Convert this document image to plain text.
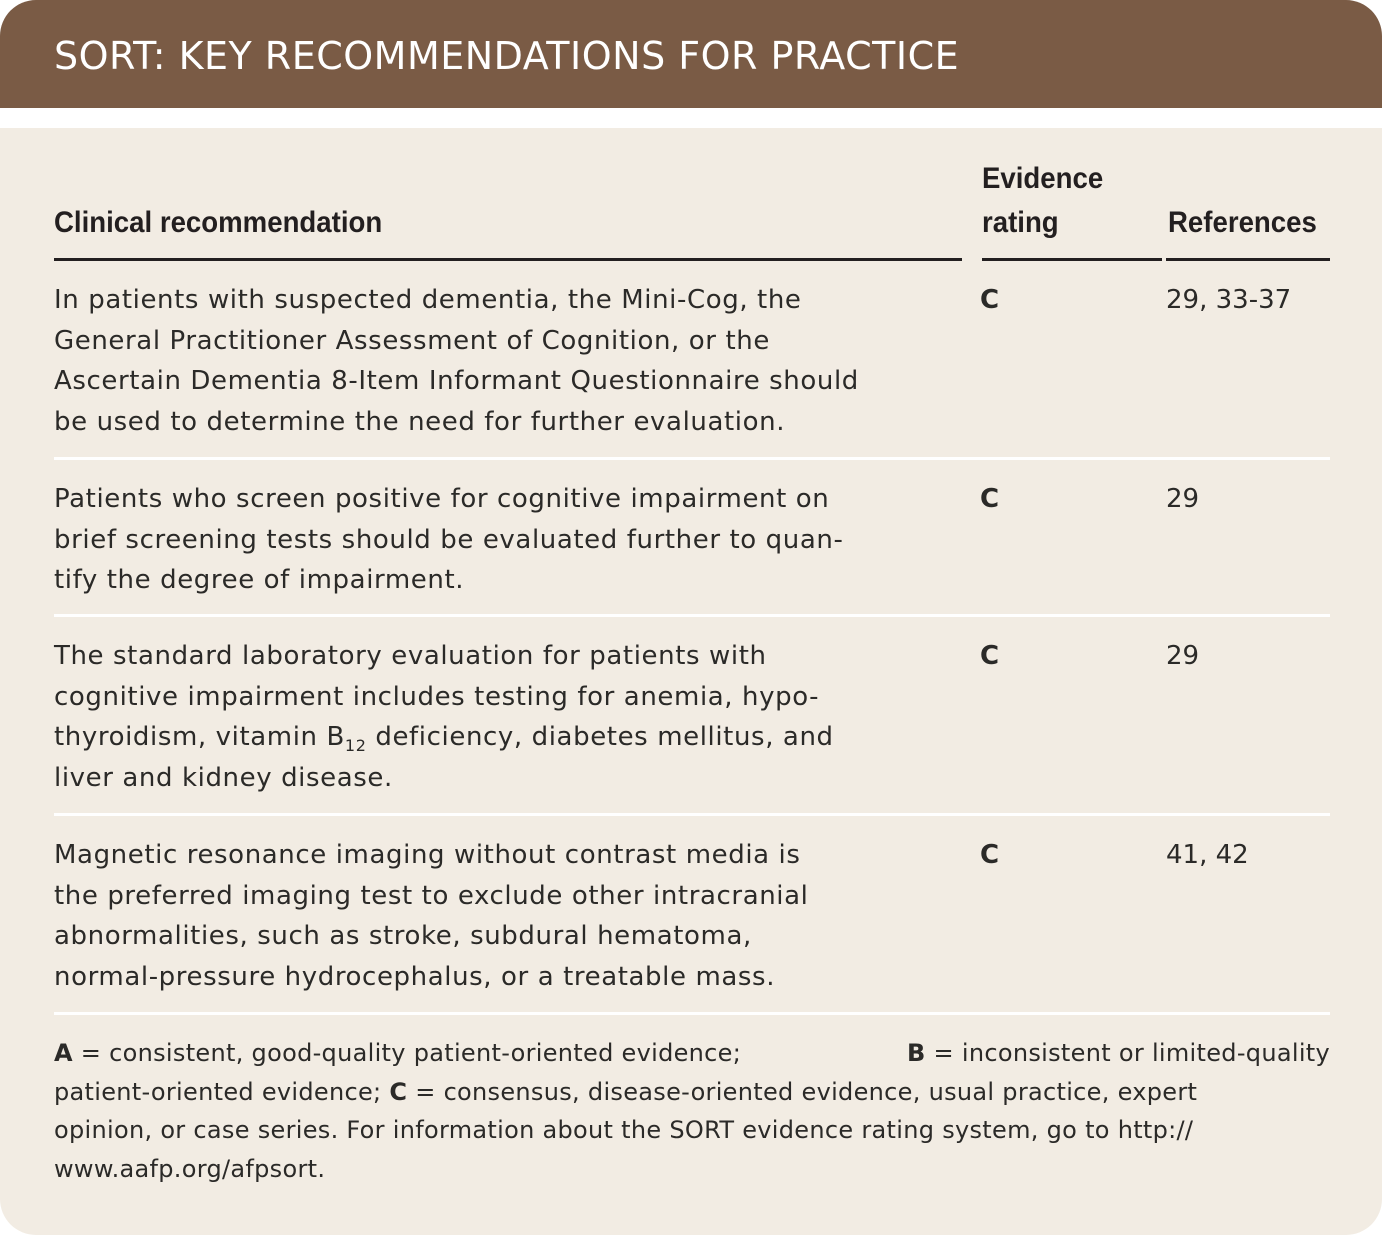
SORT: KEY RECOMMENDATIONS FOR PRACTICE
Clinical recommendation
Evidence
rating	References
In patients with suspected dementia, the Mini-Cog, the
General Practitioner Assessment of Cognition, or the
Ascertain Dementia 8-Item Informant Questionnaire should
be used to determine the need for further evaluation.
C	29, 33-37
Patients who screen positive for cognitive impairment on
brief screening tests should be evaluated further to quan-
tify the degree of impairment.
C	29
The standard laboratory evaluation for patients with
cognitive impairment includes testing for anemia, hypo-
thyroidism, vitamin $B_{12}$ deficiency, diabetes mellitus, and
liver and kidney disease.
C	29
Magnetic resonance imaging without contrast media is
the preferred imaging test to exclude other intracranial
abnormalities, such as stroke, subdural hematoma,
normal-pressure hydrocephalus, or a treatable mass.
C	41, 42
A = consistent, good-quality patient-oriented evidence;	B = inconsistent or limited-quality
patient-oriented evidence; C = consensus, disease-oriented evidence, usual practice, expert
opinion, or case series. For information about the SORT evidence rating system, go to http://
www.aafp.org/afpsort.
